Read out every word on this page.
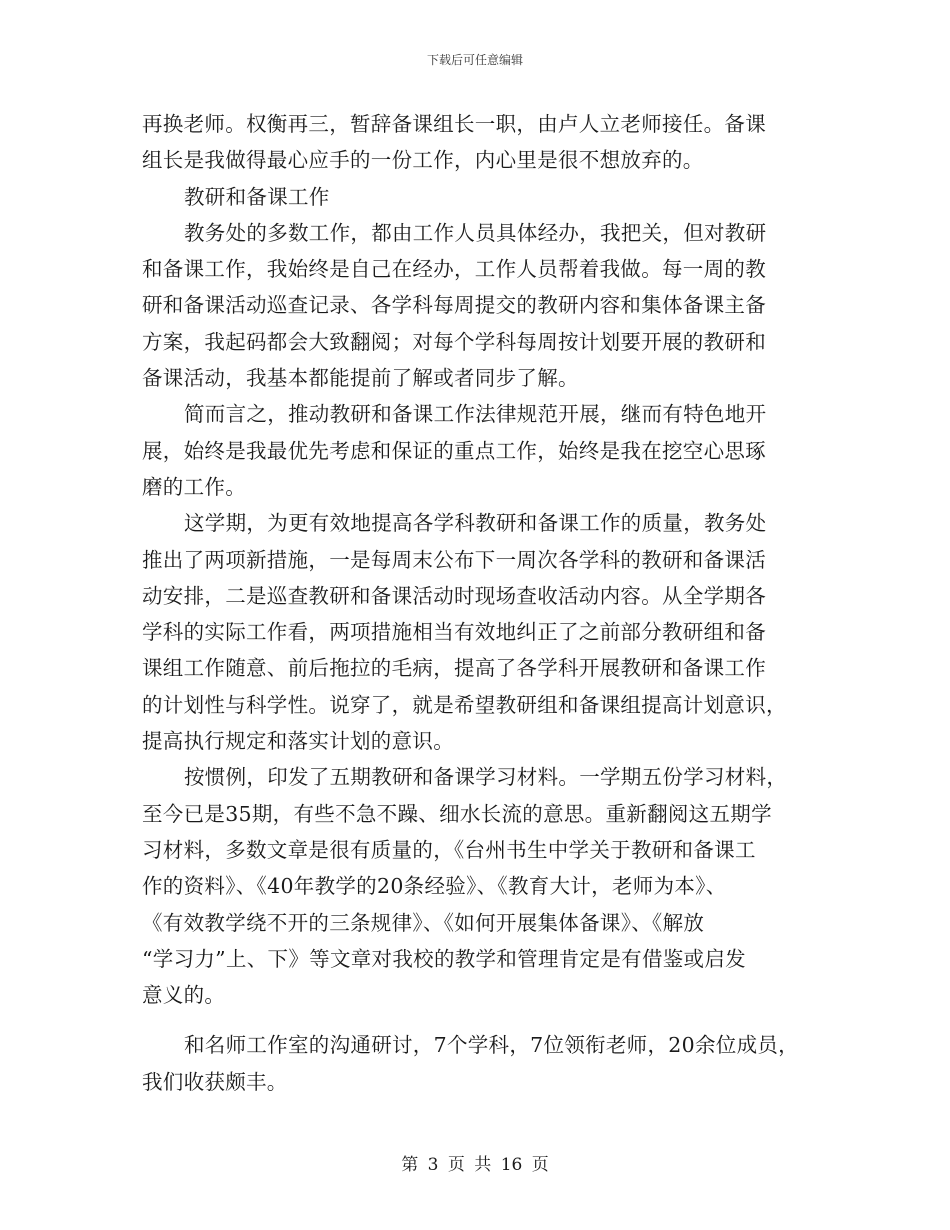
下载后可任意编辑
再换老师。权衡再三，暂辞备课组长一职，由卢人立老师接任。备课
组长是我做得最心应手的一份工作，内心里是很不想放弃的。
教研和备课工作
教务处的多数工作，都由工作人员具体经办，我把关，但对教研
和备课工作，我始终是自己在经办，工作人员帮着我做。每一周的教
研和备课活动巡查记录、各学科每周提交的教研内容和集体备课主备
方案，我起码都会大致翻阅；对每个学科每周按计划要开展的教研和
备课活动，我基本都能提前了解或者同步了解。
简而言之，推动教研和备课工作法律规范开展，继而有特色地开
展，始终是我最优先考虑和保证的重点工作，始终是我在挖空心思琢
磨的工作。
这学期，为更有效地提高各学科教研和备课工作的质量，教务处
推出了两项新措施，一是每周末公布下一周次各学科的教研和备课活
动安排，二是巡查教研和备课活动时现场查收活动内容。从全学期各
学科的实际工作看，两项措施相当有效地纠正了之前部分教研组和备
课组工作随意、前后拖拉的毛病，提高了各学科开展教研和备课工作
的计划性与科学性。说穿了，就是希望教研组和备课组提高计划意识，
提高执行规定和落实计划的意识。
按惯例，印发了五期教研和备课学习材料。一学期五份学习材料，
至今已是35期，有些不急不躁、细水长流的意思。重新翻阅这五期学
习材料，多数文章是很有质量的，《台州书生中学关于教研和备课工
作的资料》、《40年教学的20条经验》、《教育大计，老师为本》、
《有效教学绕不开的三条规律》、《如何开展集体备课》、《解放
“学习力”上、下》等文章对我校的教学和管理肯定是有借鉴或启发
意义的。
和名师工作室的沟通研讨，7个学科，7位领衔老师，20余位成员，
我们收获颇丰。
第 3 页 共 16 页
